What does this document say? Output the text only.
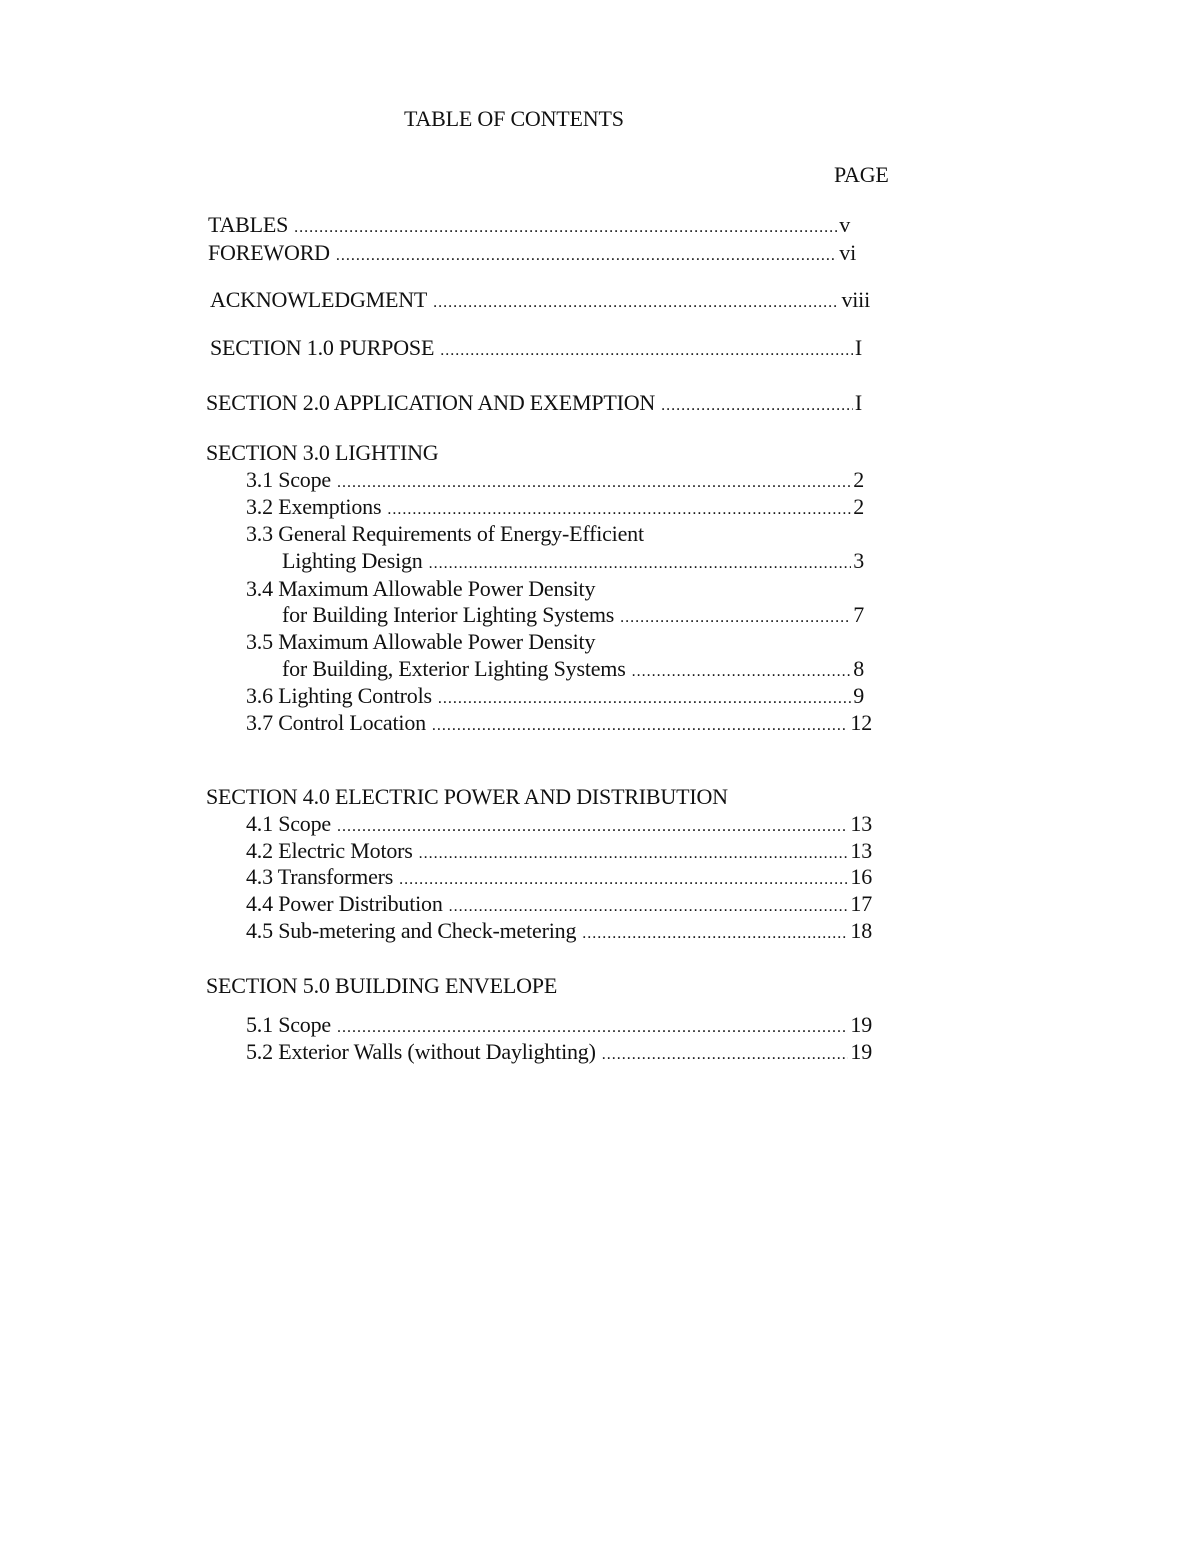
TABLE OF CONTENTS
PAGE
TABLES .....	v
FOREWORD .....	vi
ACKNOWLEDGMENT .....	viii
SECTION 1.0 PURPOSE .....	I
SECTION 2.0 APPLICATION AND EXEMPTION .....	I
SECTION 3.0 LIGHTING
3.1 Scope .....	2
3.2 Exemptions .....	2
3.3 General Requirements of Energy-Efficient
Lighting Design .....	3
3.4 Maximum Allowable Power Density
for Building Interior Lighting Systems .....	7
3.5 Maximum Allowable Power Density
for Building, Exterior Lighting Systems .....	8
3.6 Lighting Controls .....	9
3.7 Control Location .....	12
SECTION 4.0 ELECTRIC POWER AND DISTRIBUTION
4.1 Scope .....	13
4.2 Electric Motors .....	13
4.3 Transformers .....	16
4.4 Power Distribution .....	17
4.5 Sub-metering and Check-metering .....	18
SECTION 5.0 BUILDING ENVELOPE
5.1 Scope .....	19
5.2 Exterior Walls (without Daylighting) .....	19
